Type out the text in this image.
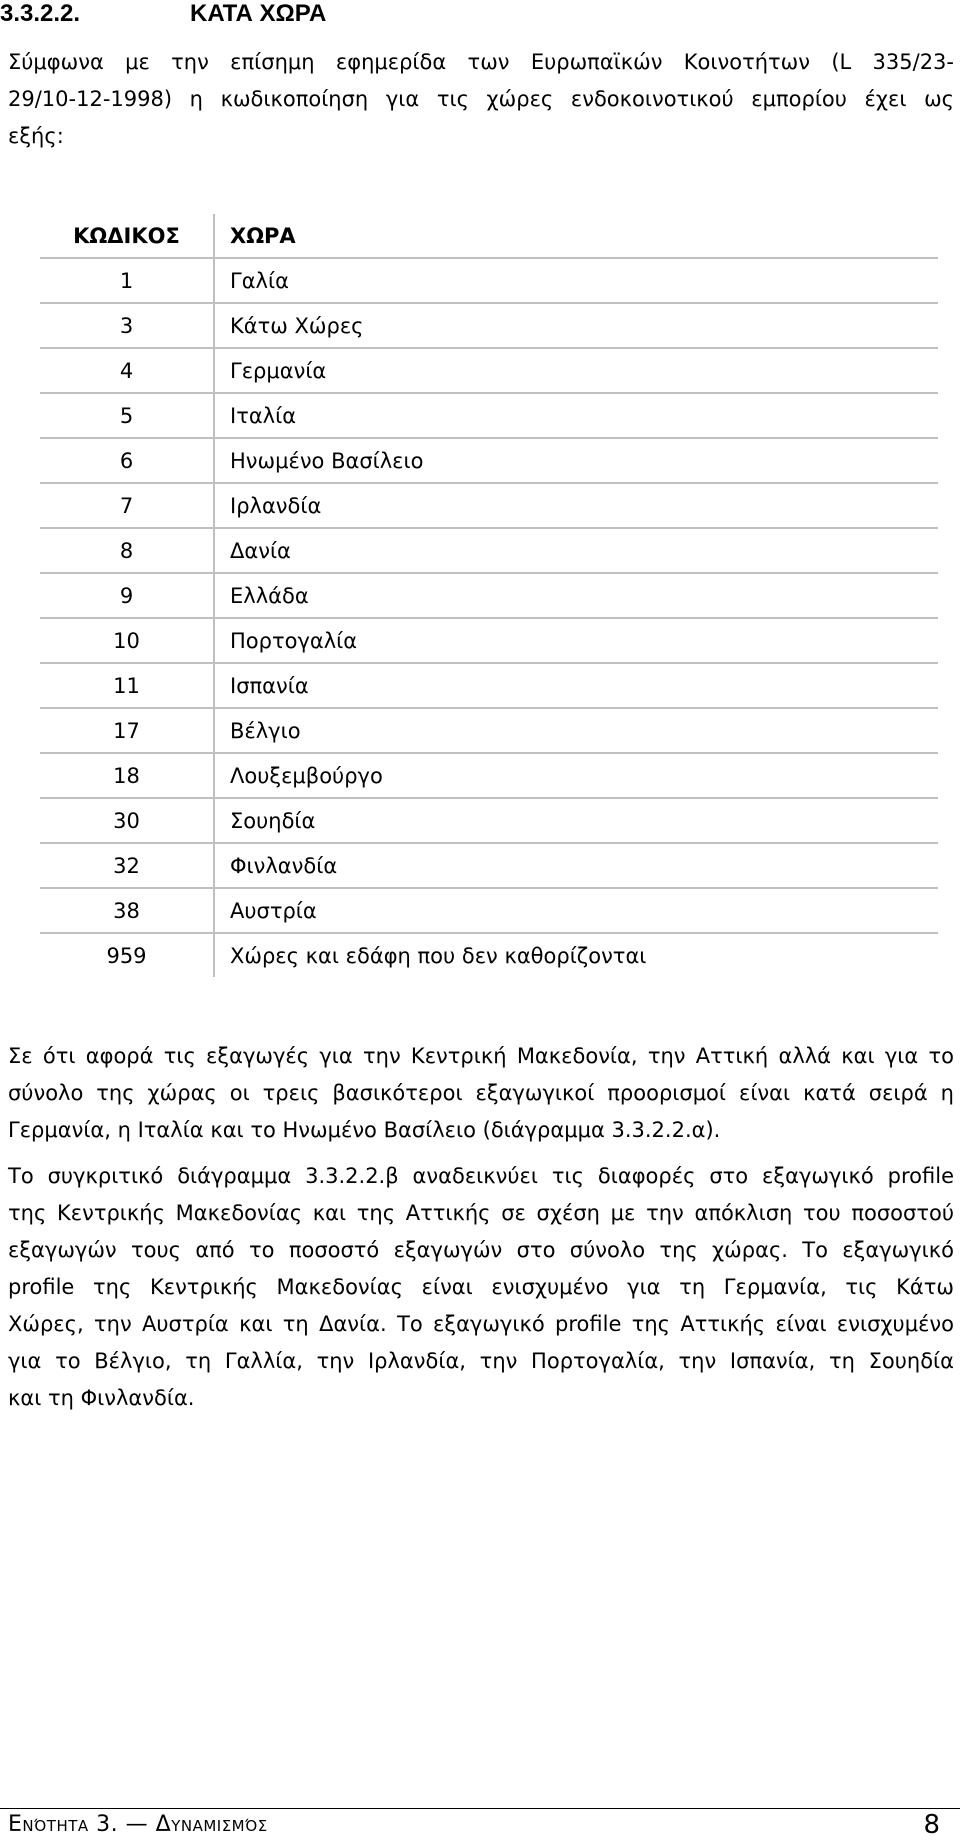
3.3.2.2.	ΚΑΤΑ ΧΩΡΑ

Σύμφωνα με την επίσημη εφημερίδα των Ευρωπαϊκών Κοινοτήτων (L 335/23-
29/10-12-1998) η κωδικοποίηση για τις χώρες ενδοκοινοτικού εμπορίου έχει ως
εξής:

ΚΩΔΙΚΟΣ	ΧΩΡΑ
1	Γαλία
3	Κάτω Χώρες
4	Γερμανία
5	Ιταλία
6	Ηνωμένο Βασίλειο
7	Ιρλανδία
8	Δανία
9	Ελλάδα
10	Πορτογαλία
11	Ισπανία
17	Βέλγιο
18	Λουξεμβούργο
30	Σουηδία
32	Φινλανδία
38	Αυστρία
959	Χώρες και εδάφη που δεν καθορίζονται

Σε ότι αφορά τις εξαγωγές για την Κεντρική Μακεδονία, την Αττική αλλά και για το
σύνολο της χώρας οι τρεις βασικότεροι εξαγωγικοί προορισμοί είναι κατά σειρά η
Γερμανία, η Ιταλία και το Ηνωμένο Βασίλειο (διάγραμμα 3.3.2.2.α).

Το συγκριτικό διάγραμμα 3.3.2.2.β αναδεικνύει τις διαφορές στο εξαγωγικό profile
της Κεντρικής Μακεδονίας και της Αττικής σε σχέση με την απόκλιση του ποσοστού
εξαγωγών τους από το ποσοστό εξαγωγών στο σύνολο της χώρας. Το εξαγωγικό
profile της Κεντρικής Μακεδονίας είναι ενισχυμένο για τη Γερμανία, τις Κάτω
Χώρες, την Αυστρία και τη Δανία. Το εξαγωγικό profile της Αττικής είναι ενισχυμένο
για το Βέλγιο, τη Γαλλία, την Ιρλανδία, την Πορτογαλία, την Ισπανία, τη Σουηδία
και τη Φινλανδία.

Ενότητα 3. — Δυναμισμός	8
